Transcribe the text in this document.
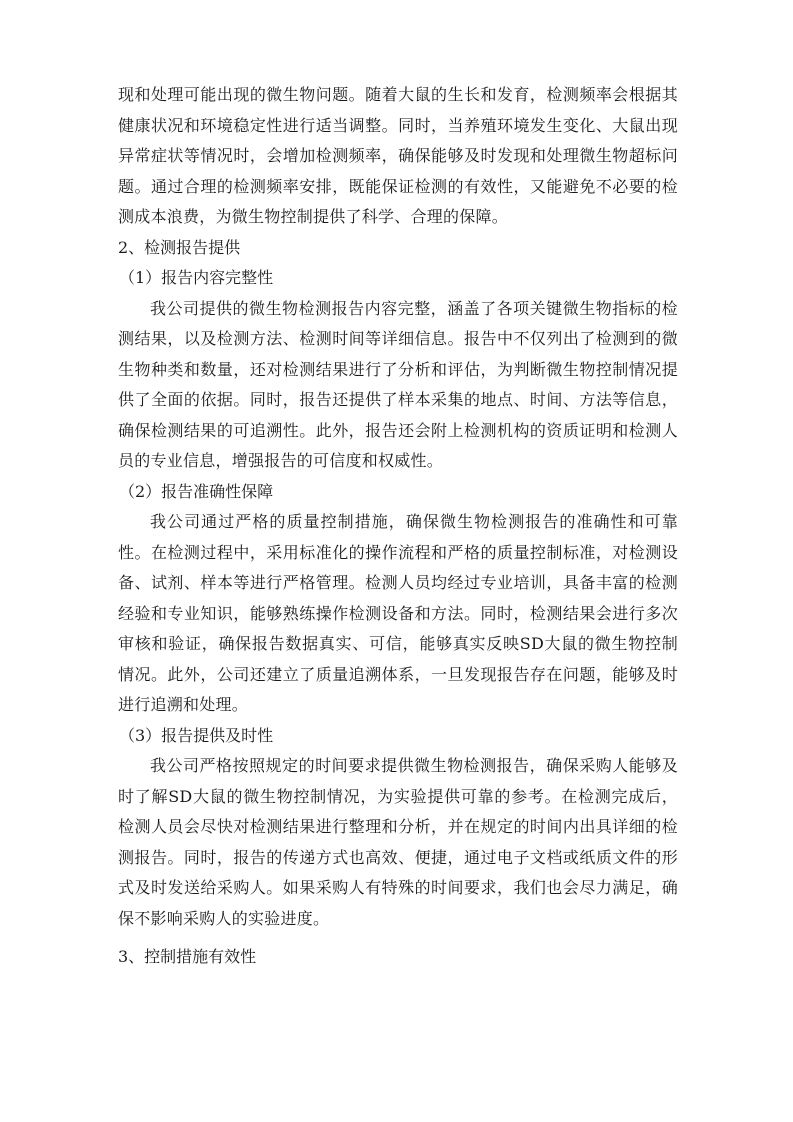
现和处理可能出现的微生物问题。随着大鼠的生长和发育，检测频率会根据其健康状况和环境稳定性进行适当调整。同时，当养殖环境发生变化、大鼠出现异常症状等情况时，会增加检测频率，确保能够及时发现和处理微生物超标问题。通过合理的检测频率安排，既能保证检测的有效性，又能避免不必要的检测成本浪费，为微生物控制提供了科学、合理的保障。

2、检测报告提供

（1）报告内容完整性

我公司提供的微生物检测报告内容完整，涵盖了各项关键微生物指标的检测结果，以及检测方法、检测时间等详细信息。报告中不仅列出了检测到的微生物种类和数量，还对检测结果进行了分析和评估，为判断微生物控制情况提供了全面的依据。同时，报告还提供了样本采集的地点、时间、方法等信息，确保检测结果的可追溯性。此外，报告还会附上检测机构的资质证明和检测人员的专业信息，增强报告的可信度和权威性。

（2）报告准确性保障

我公司通过严格的质量控制措施，确保微生物检测报告的准确性和可靠性。在检测过程中，采用标准化的操作流程和严格的质量控制标准，对检测设备、试剂、样本等进行严格管理。检测人员均经过专业培训，具备丰富的检测经验和专业知识，能够熟练操作检测设备和方法。同时，检测结果会进行多次审核和验证，确保报告数据真实、可信，能够真实反映SD大鼠的微生物控制情况。此外，公司还建立了质量追溯体系，一旦发现报告存在问题，能够及时进行追溯和处理。

（3）报告提供及时性

我公司严格按照规定的时间要求提供微生物检测报告，确保采购人能够及时了解SD大鼠的微生物控制情况，为实验提供可靠的参考。在检测完成后，检测人员会尽快对检测结果进行整理和分析，并在规定的时间内出具详细的检测报告。同时，报告的传递方式也高效、便捷，通过电子文档或纸质文件的形式及时发送给采购人。如果采购人有特殊的时间要求，我们也会尽力满足，确保不影响采购人的实验进度。

3、控制措施有效性
